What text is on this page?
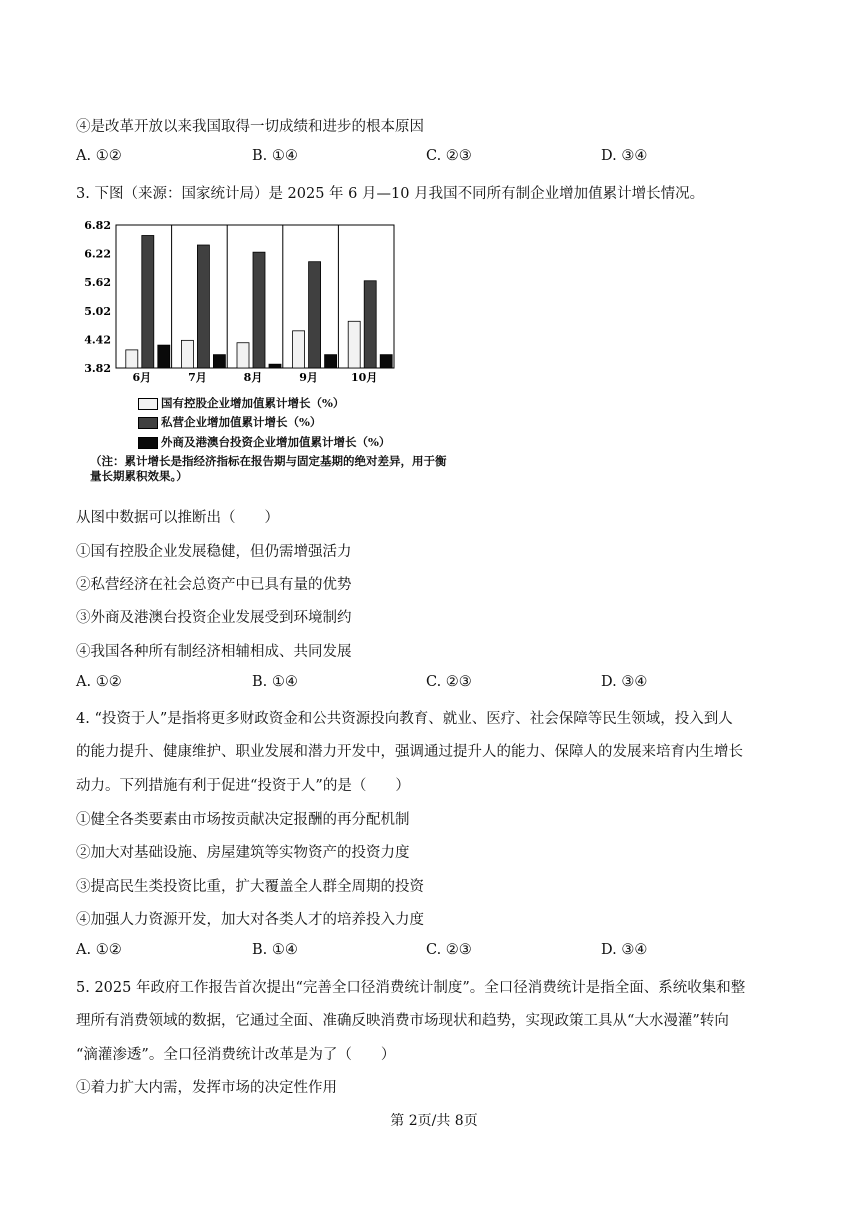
④是改革开放以来我国取得一切成绩和进步的根本原因
A. ①②	B. ①④	C. ②③	D. ③④
3. 下图（来源：国家统计局）是 2025 年 6 月—10 月我国不同所有制企业增加值累计增长情况。
6.82
6.22
5.62
5.02
4.42
3.82
6月	7月	8月	9月	10月
国有控股企业增加值累计增长（%）
私营企业增加值累计增长（%）
外商及港澳台投资企业增加值累计增长（%）
（注：累计增长是指经济指标在报告期与固定基期的绝对差异，用于衡量长期累积效果。）
从图中数据可以推断出（　　）
①国有控股企业发展稳健，但仍需增强活力
②私营经济在社会总资产中已具有量的优势
③外商及港澳台投资企业发展受到环境制约
④我国各种所有制经济相辅相成、共同发展
A. ①②	B. ①④	C. ②③	D. ③④
4. “投资于人”是指将更多财政资金和公共资源投向教育、就业、医疗、社会保障等民生领域，投入到人
的能力提升、健康维护、职业发展和潜力开发中，强调通过提升人的能力、保障人的发展来培育内生增长
动力。下列措施有利于促进“投资于人”的是（　　）
①健全各类要素由市场按贡献决定报酬的再分配机制
②加大对基础设施、房屋建筑等实物资产的投资力度
③提高民生类投资比重，扩大覆盖全人群全周期的投资
④加强人力资源开发，加大对各类人才的培养投入力度
A. ①②	B. ①④	C. ②③	D. ③④
5. 2025 年政府工作报告首次提出“完善全口径消费统计制度”。全口径消费统计是指全面、系统收集和整
理所有消费领域的数据，它通过全面、准确反映消费市场现状和趋势，实现政策工具从“大水漫灌”转向
“滴灌渗透”。全口径消费统计改革是为了（　　）
①着力扩大内需，发挥市场的决定性作用
第 2页/共 8页
